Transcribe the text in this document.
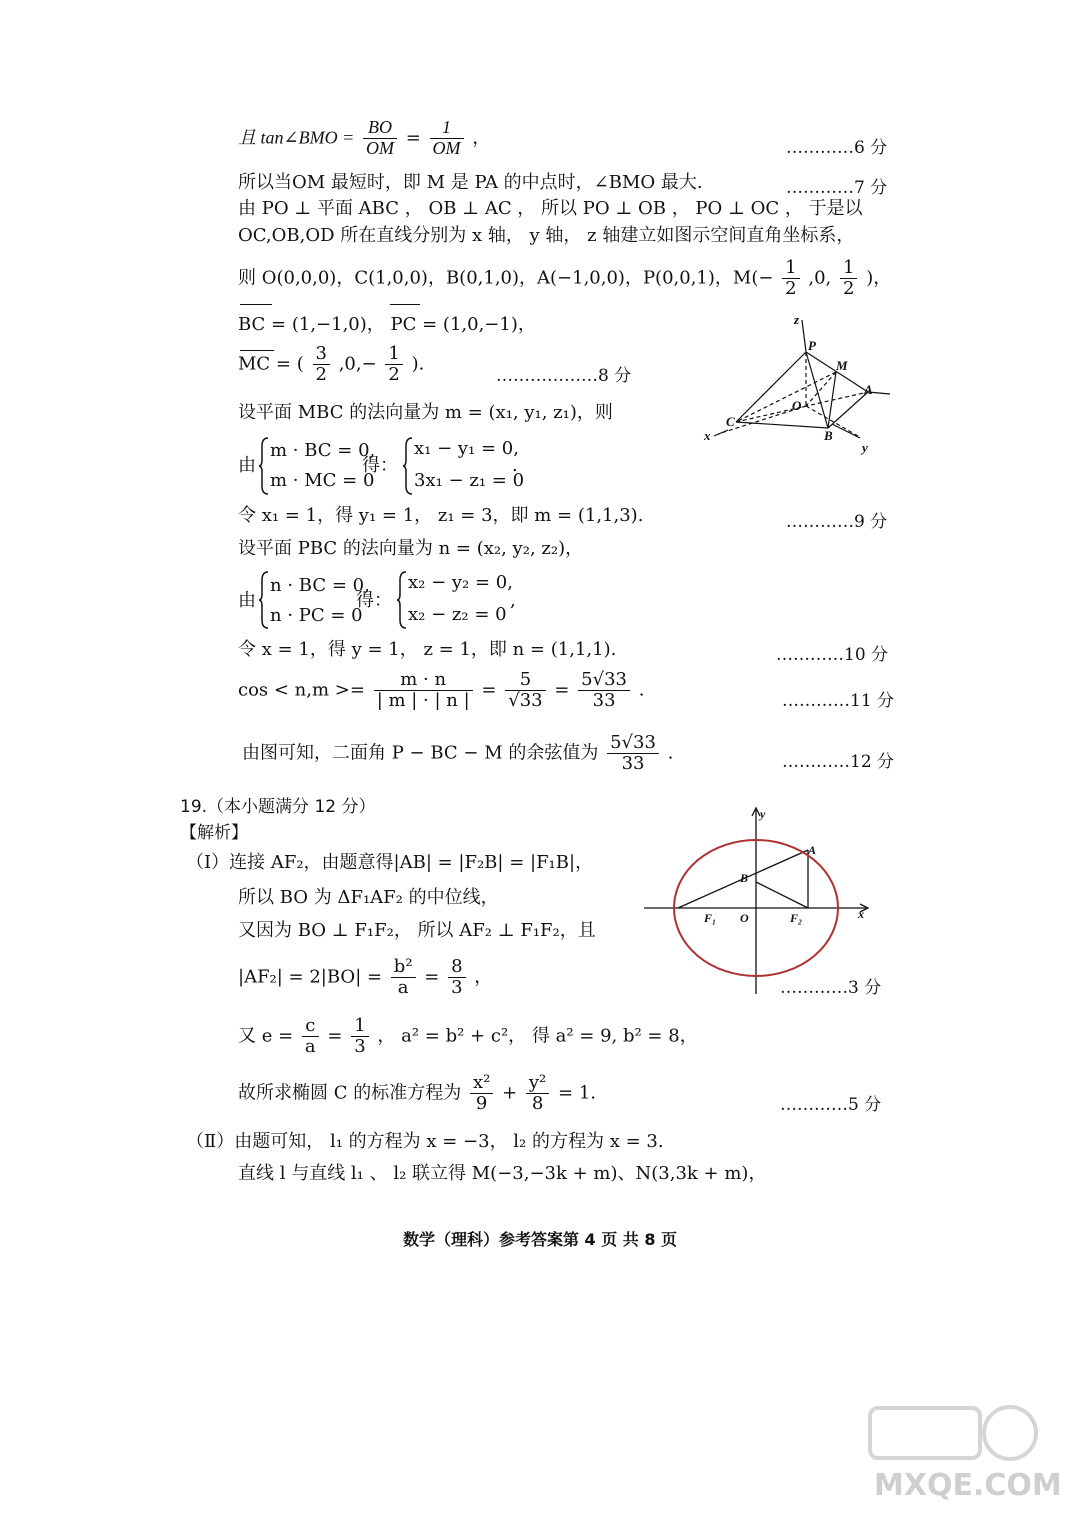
且 tan∠BMO = $\frac{BO}{OM} = \frac{1}{OM}$ ，	…………6 分
所以当OM 最短时，即 M 是 PA 的中点时，∠BMO 最大.	…………7 分
由 PO ⊥ 平面 ABC ， OB ⊥ AC ， 所以 PO ⊥ OB ， PO ⊥ OC ， 于是以
OC,OB,OD 所在直线分别为 x 轴， y 轴， z 轴建立如图示空间直角坐标系，
则 O(0,0,0)，C(1,0,0)，B(0,1,0)，A(−1,0,0)，P(0,0,1)，$M(- \frac{1}{2} ,0$, $\frac{1}{2}$ )，
BC = (1,−1,0)， PC = (1,0,−1)，
MC = ( $\frac{3}{2} ,0,- \frac{1}{2}$ ).
………………8 分
设平面 MBC 的法向量为 m = (x₁, y₁, z₁)，则
由
m · BC = 0,
m · MC = 0
得：
x₁ − y₁ = 0,
3x₁ − z₁ = 0
.
令 x₁ = 1，得 y₁ = 1， z₁ = 3，即 m = (1,1,3).	…………9 分
设平面 PBC 的法向量为 n = (x₂, y₂, z₂)，
由
n · BC = 0,
n · PC = 0
得：
x₂ − y₂ = 0,
x₂ − z₂ = 0
,
令 x = 1，得 y = 1， z = 1，即 n = (1,1,1).	…………10 分
$\cos < n,m >= \frac{m \cdot n}{| m | \cdot | n |} = \frac{5}{√33} = \frac{5√33}{33}$ .
…………11 分
由图可知，二面角 P − BC − M 的余弦值为 $\frac{5√33}{33}$ .	…………12 分
19.（本小题满分 12 分）
【解析】
（Ⅰ）连接 AF₂，由题意得|AB| = |F₂B| = |F₁B|，
所以 BO 为 ΔF₁AF₂ 的中位线，
又因为 BO ⊥ F₁F₂， 所以 AF₂ ⊥ F₁F₂，且
$|AF_2| = 2|BO| = \frac{\text{b²}}{a} = \frac{8}{3}$ ，
…………3 分
又 $e = \frac{c}{a} = \frac{1}{3}$ ， a² = b² + c²， 得 a² = 9, b² = 8，
故所求椭圆 C 的标准方程为 $\frac{\text{x²}}{9} + \frac{\text{y²}}{8} = 1$.
…………5 分
（Ⅱ）由题可知， l₁ 的方程为 x = −3， l₂ 的方程为 x = 3.
直线 l 与直线 l₁ 、 l₂ 联立得 M(−3,−3k + m)、N(3,3k + m)，
数学（理科）参考答案第 4 页 共 8 页
z
P
M
A
O
C
B
x
y
y
A
B
F₁ O	F₂	x
MXQE.COM
